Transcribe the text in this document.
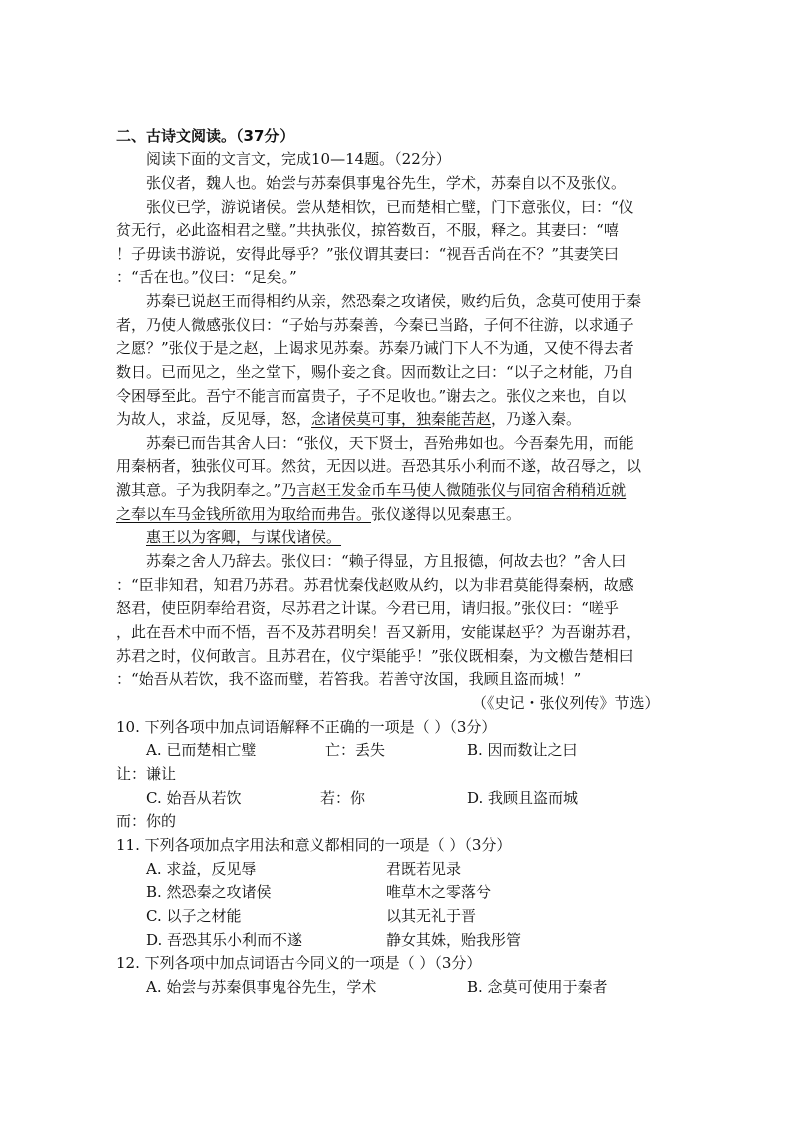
二、古诗文阅读。（37分）
阅读下面的文言文，完成10—14题。（22分）
张仪者，魏人也。始尝与苏秦俱事鬼谷先生，学术，苏秦自以不及张仪。
张仪已学，游说诸侯。尝从楚相饮，已而楚相亡璧，门下意张仪，曰：“仪
贫无行，必此盗相君之璧。”共执张仪，掠笞数百，不服，释之。其妻曰：“嘻
！子毋读书游说，安得此辱乎？”张仪谓其妻曰：“视吾舌尚在不？”其妻笑曰
：“舌在也。”仪曰：“足矣。”
苏秦已说赵王而得相约从亲，然恐秦之攻诸侯，败约后负，念莫可使用于秦
者，乃使人微感张仪曰：“子始与苏秦善，今秦已当路，子何不往游，以求通子
之愿？”张仪于是之赵，上谒求见苏秦。苏秦乃诫门下人不为通，又使不得去者
数日。已而见之，坐之堂下，赐仆妾之食。因而数让之曰：“以子之材能，乃自
令困辱至此。吾宁不能言而富贵子，子不足收也。”谢去之。张仪之来也，自以
为故人，求益，反见辱，怒，念诸侯莫可事，独秦能苦赵，乃遂入秦。
苏秦已而告其舍人曰：“张仪，天下贤士，吾殆弗如也。今吾秦先用，而能
用秦柄者，独张仪可耳。然贫，无因以进。吾恐其乐小利而不遂，故召辱之，以
激其意。子为我阴奉之。”乃言赵王发金币车马使人微随张仪与同宿舍稍稍近就
之奉以车马金钱所欲用为取给而弗告。张仪遂得以见秦惠王。
惠王以为客卿，与谋伐诸侯。
苏秦之舍人乃辞去。张仪曰：“赖子得显，方且报德，何故去也？”舍人曰
：“臣非知君，知君乃苏君。苏君忧秦伐赵败从约，以为非君莫能得秦柄，故感
怒君，使臣阴奉给君资，尽苏君之计谋。今君已用，请归报。”张仪曰：“嗟乎
，此在吾术中而不悟，吾不及苏君明矣！吾又新用，安能谋赵乎？为吾谢苏君，
苏君之时，仪何敢言。且苏君在，仪宁渠能乎！”张仪既相秦，为文檄告楚相曰
：“始吾从若饮，我不盗而璧，若笞我。若善守汝国，我顾且盗而城！”
（《史记・张仪列传》节选）
10. 下列各项中加点词语解释不正确的一项是（ ）（3分）
A. 已而楚相亡璧	亡：丢失	B. 因而数让之曰
让：谦让
C. 始吾从若饮	若：你	D. 我顾且盗而城
而：你的
11. 下列各项加点字用法和意义都相同的一项是（ ）（3分）
A. 求益，反见辱	君既若见录
B. 然恐秦之攻诸侯	唯草木之零落兮
C. 以子之材能	以其无礼于晋
D. 吾恐其乐小利而不遂	静女其姝，贻我彤管
12. 下列各项中加点词语古今同义的一项是（ ）（3分）
A. 始尝与苏秦俱事鬼谷先生，学术	B. 念莫可使用于秦者
